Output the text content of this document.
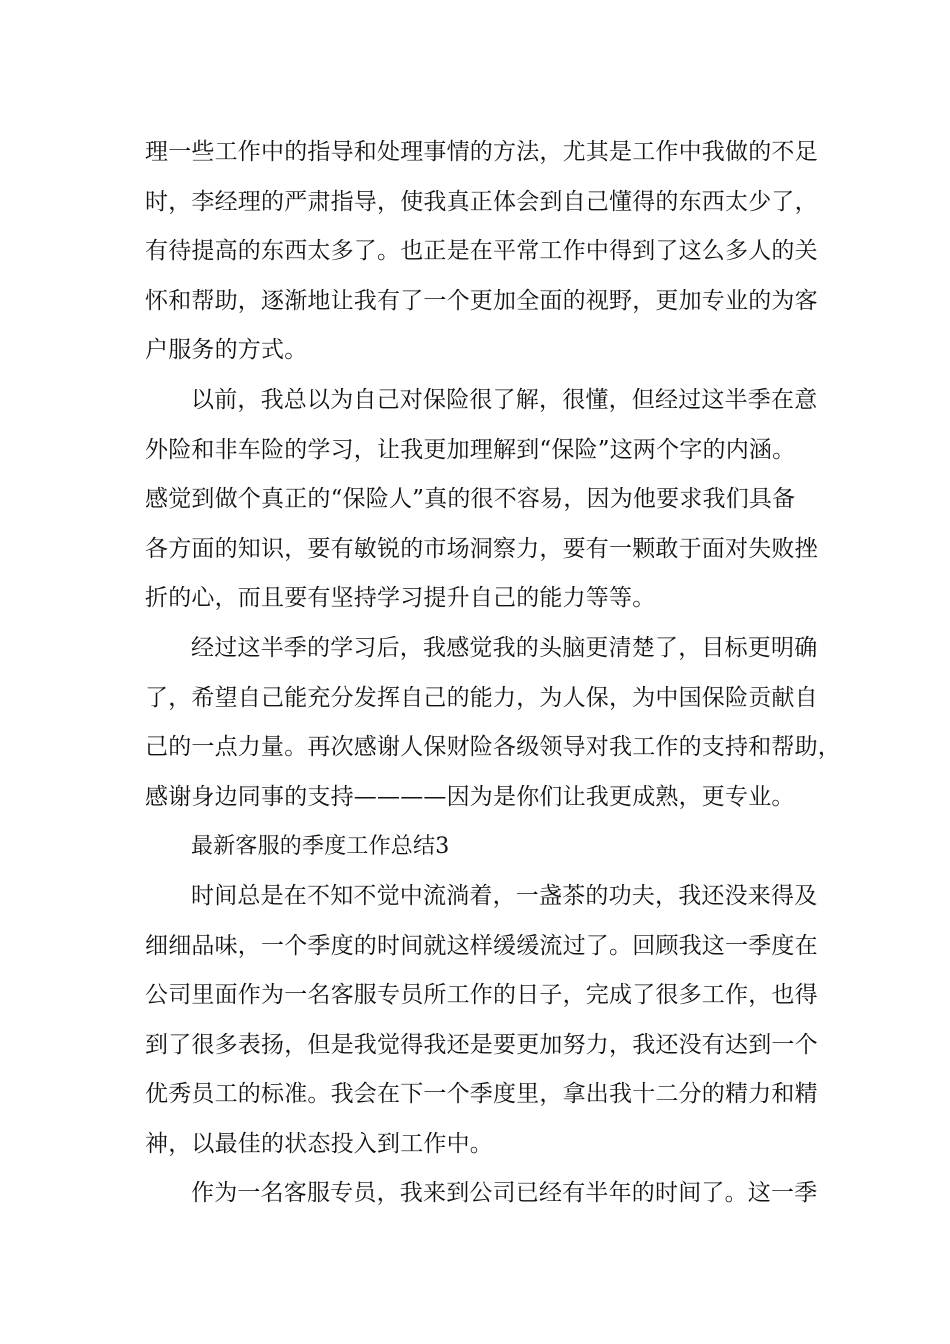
理一些工作中的指导和处理事情的方法，尤其是工作中我做的不足
时，李经理的严肃指导，使我真正体会到自己懂得的东西太少了，
有待提高的东西太多了。也正是在平常工作中得到了这么多人的关
怀和帮助，逐渐地让我有了一个更加全面的视野，更加专业的为客
户服务的方式。
以前，我总以为自己对保险很了解，很懂，但经过这半季在意
外险和非车险的学习，让我更加理解到“保险”这两个字的内涵。
感觉到做个真正的“保险人”真的很不容易，因为他要求我们具备
各方面的知识，要有敏锐的市场洞察力，要有一颗敢于面对失败挫
折的心，而且要有坚持学习提升自己的能力等等。
经过这半季的学习后，我感觉我的头脑更清楚了，目标更明确
了，希望自己能充分发挥自己的能力，为人保，为中国保险贡献自
己的一点力量。再次感谢人保财险各级领导对我工作的支持和帮助，
感谢身边同事的支持————因为是你们让我更成熟，更专业。
最新客服的季度工作总结3
时间总是在不知不觉中流淌着，一盏茶的功夫，我还没来得及
细细品味，一个季度的时间就这样缓缓流过了。回顾我这一季度在
公司里面作为一名客服专员所工作的日子，完成了很多工作，也得
到了很多表扬，但是我觉得我还是要更加努力，我还没有达到一个
优秀员工的标准。我会在下一个季度里，拿出我十二分的精力和精
神，以最佳的状态投入到工作中。
作为一名客服专员，我来到公司已经有半年的时间了。这一季
